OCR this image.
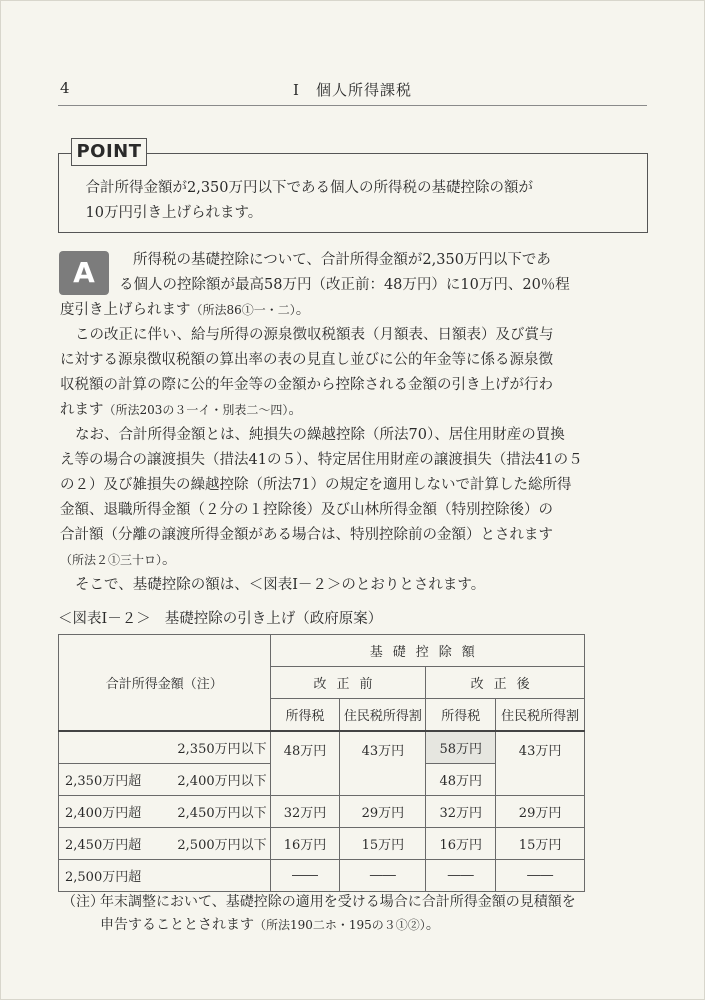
4	Ⅰ　個人所得課税
POINT
合計所得金額が2,350万円以下である個人の所得税の基礎控除の額が
10万円引き上げられます。
A	所得税の基礎控除について、合計所得金額が2,350万円以下であ
る個人の控除額が最高58万円（改正前：48万円）に10万円、20％程
度引き上げられます（所法86①一・二）。
この改正に伴い、給与所得の源泉徴収税額表（月額表、日額表）及び賞与
に対する源泉徴収税額の算出率の表の見直し並びに公的年金等に係る源泉徴
収税額の計算の際に公的年金等の金額から控除される金額の引き上げが行わ
れます（所法203の３一イ・別表二～四）。
なお、合計所得金額とは、純損失の繰越控除（所法70）、居住用財産の買換
え等の場合の譲渡損失（措法41の５）、特定居住用財産の譲渡損失（措法41の５
の２）及び雑損失の繰越控除（所法71）の規定を適用しないで計算した総所得
金額、退職所得金額（２分の１控除後）及び山林所得金額（特別控除後）の
合計額（分離の譲渡所得金額がある場合は、特別控除前の金額）とされます
（所法２①三十ロ）。
そこで、基礎控除の額は、＜図表Ⅰ－２＞のとおりとされます。
＜図表Ⅰ－２＞ 基礎控除の引き上げ（政府原案）
合計所得金額（注）	基礎控除額			
	改正前		改正後	
	所得税	住民税所得割	所得税	住民税所得割
2,350万円以下	48万円	43万円	58万円	43万円

2,350万円超 2,400万円以下			48万円	

2,400万円超 2,450万円以下	32万円	29万円	32万円	29万円

2,450万円超 2,500万円以下	16万円	15万円	16万円	15万円

2,500万円超	――	――	――	――
（注）
年末調整において、基礎控除の適用を受ける場合に合計所得金額の見積額を
申告することとされます（所法190二ホ・195の３①②）。
